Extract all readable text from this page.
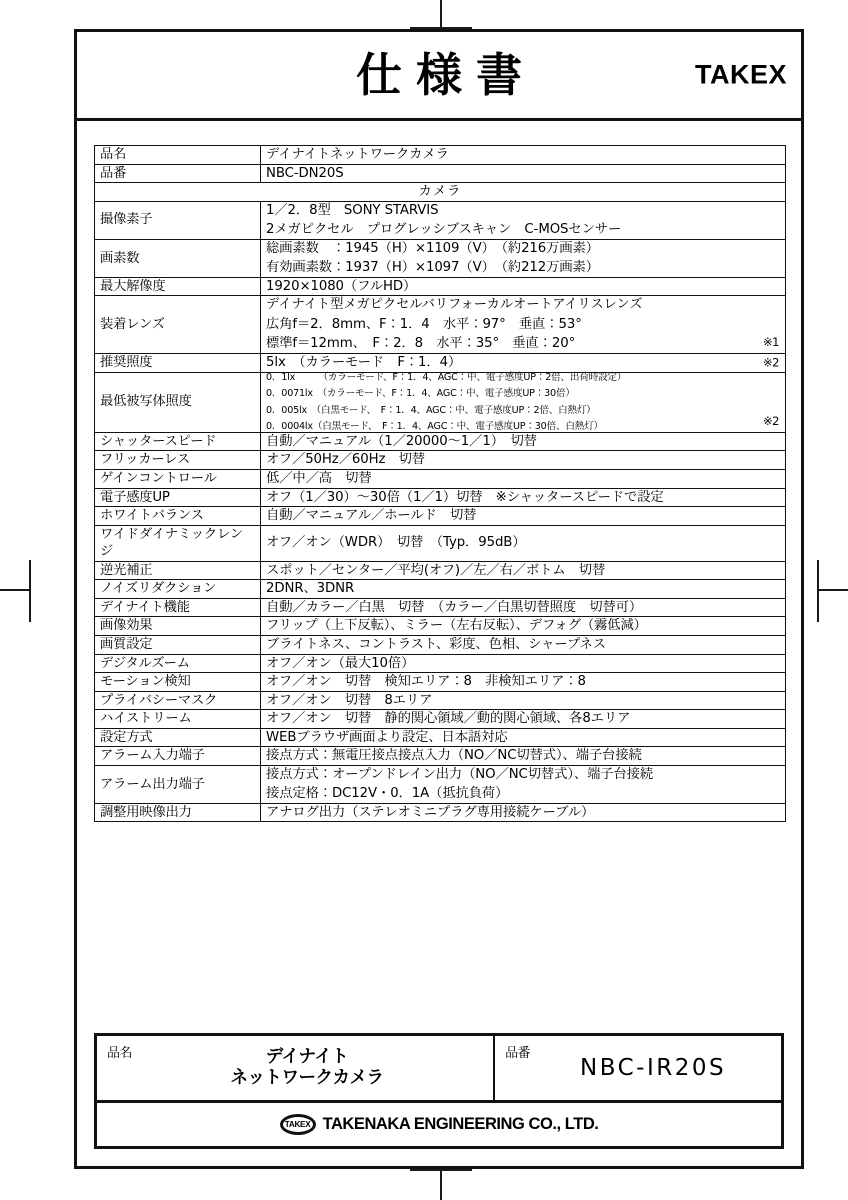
仕様書	TAKEX
品名	デイナイトネットワークカメラ

品番	NBC-DN20S

カメラ	
撮像素子	1／2．8型　SONY STARVIS
2メガピクセル　プログレッシブスキャン　C-MOSセンサー

画素数	総画素数　：1945（H）×1109（V）　（約216万画素）
有効画素数：1937（H）×1097（V）　（約212万画素）

最大解像度	1920×1080（フルHD）

装着レンズ	デイナイト型メガピクセルバリフォーカルオートアイリスレンズ
広角f＝2．8mm、F：1．4　水平：97°　垂直：53°
標準f＝12mm、　F：2．8　水平：35°　垂直：20° ※1

推奨照度	5lx　（カラーモード　F：1．4） ※2

最低被写体照度	0．1lx　　　（カラーモード、F：1．4、AGC：中、電子感度UP：2倍、出荷時設定）
0．0071lx　（カラーモード、F：1．4、AGC：中、電子感度UP：30倍）
0．005lx　（白黒モード、　F：1．4、AGC：中、電子感度UP：2倍、白熱灯）
0．0004lx（白黒モード、　F：1．4、AGC：中、電子感度UP：30倍、白熱灯） ※2

シャッタースピード	自動／マニュアル（1／20000～1／1）　切替

フリッカーレス	オフ／50Hz／60Hz　切替

ゲインコントロール	低／中／高　切替

電子感度UP	オフ（1／30）～30倍（1／1）切替　※シャッタースピードで設定

ホワイトバランス	自動／マニュアル／ホールド　切替

ワイドダイナミックレンジ	オフ／オン（WDR）　切替　（Typ．95dB）

逆光補正	スポット／センター／平均(オフ)／左／右／ボトム　切替

ノイズリダクション	2DNR、3DNR

デイナイト機能	自動／カラー／白黒　切替　（カラー／白黒切替照度　切替可）

画像効果	フリップ（上下反転）、ミラー（左右反転）、デフォグ（霧低減）

画質設定	ブライトネス、コントラスト、彩度、色相、シャープネス

デジタルズーム	オフ／オン（最大10倍）

モーション検知	オフ／オン　切替　検知エリア：8　非検知エリア：8

プライバシーマスク	オフ／オン　切替　8エリア

ハイストリーム	オフ／オン　切替　静的関心領域／動的関心領域、各8エリア

設定方式	WEBブラウザ画面より設定、日本語対応

アラーム入力端子	接点方式：無電圧接点接点入力（NO／NC切替式）、端子台接続

アラーム出力端子	接点方式：オープンドレイン出力（NO／NC切替式）、端子台接続
接点定格：DC12V・0．1A（抵抗負荷）

調整用映像出力	アナログ出力（ステレオミニプラグ専用接続ケーブル）
品名	デイナイト
ネットワークカメラ
品番
NBC-IR20S
TAKEX TAKENAKA ENGINEERING CO., LTD.
